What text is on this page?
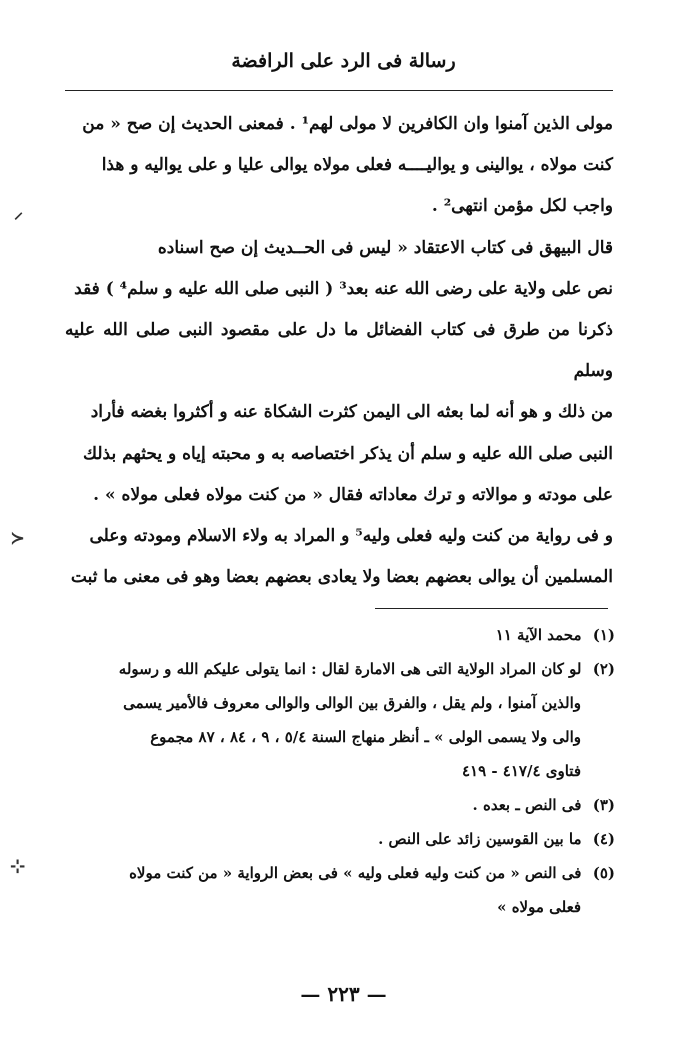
رسالة فى الرد على الرافضة

مولى الذين آمنوا وان الكافرين لا مولى لهم¹ . فمعنى الحديث إن صح « من

كنت مولاه ، يوالينى و يواليــــه فعلى مولاه يوالى عليا و على يواليه و هذا

واجب لكل مؤمن انتهى² .

قال البيهق فى كتاب الاعتقاد « ليس فى الحــديث إن صح اسناده

نص على ولاية على رضى الله عنه بعد³ ( النبى صلى الله عليه و سلم⁴ ) فقد

ذكرنا من طرق فى كتاب الفضائل ما دل على مقصود النبى صلى الله عليه وسلم

من ذلك و هو أنه لما بعثه الى اليمن كثرت الشكاة عنه و أكثروا بغضه فأراد

النبى صلى الله عليه و سلم أن يذكر اختصاصه به و محبته إياه و يحثهم بذلك

على مودته و موالاته و ترك معاداته فقال « من كنت مولاه فعلى مولاه » .

و فى رواية من كنت وليه فعلى وليه⁵ و المراد به ولاء الاسلام ومودته وعلى

المسلمين أن يوالى بعضهم بعضا ولا يعادى بعضهم بعضا وهو فى معنى ما ثبت

(١) محمد الآية ١١

(٢) لو كان المراد الولاية التى هى الامارة لقال : انما يتولى عليكم الله و رسوله

والذين آمنوا ، ولم يقل ، والفرق بين الوالى والوالى معروف فالأمير يسمى

والى ولا يسمى الولى » ـ أنظر منهاج السنة ٥/٤ ، ٩ ، ٨٤ ، ٨٧ مجموع

فتاوى ٤١٧/٤ - ٤١٩

(٣) فى النص ـ بعده .

(٤) ما بين القوسين زائد على النص .

(٥) فى النص « من كنت وليه فعلى وليه » فى بعض الرواية « من كنت مولاه

فعلى مولاه »

— ٢٢٣ —
⸝
≻
⊹
